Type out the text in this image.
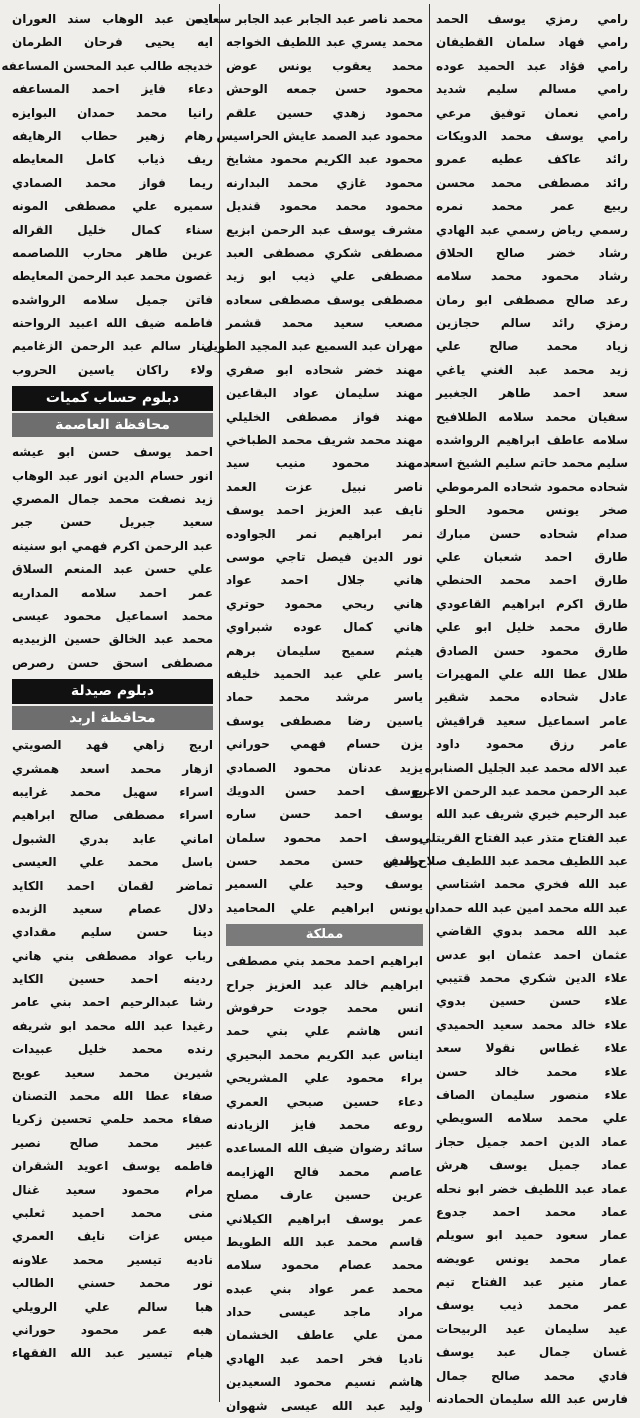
رامي رمزي يوسف الحمد
رامي فهاد سلمان القطيفان
رامي فؤاد عبد الحميد عوده
رامي مسالم سليم شديد
رامي نعمان توفيق مرعي
رامي يوسف محمد الدويكات
رائد عاكف عطيه عمرو
رائد مصطفى محمد محسن
ربيع عمر محمد نمره
رسمي رياض رسمي عبد الهادي
رشاد خضر صالح الحلاق
رشاد محمود محمد سلامه
رعد صالح مصطفى ابو رمان
رمزي رائد سالم حجازين
زياد محمد صالح علي
زيد محمد عبد الغني ياغي
سعد احمد طاهر الجغبير
سفيان محمد سلامه الطلافيح
سلامه عاطف ابراهيم الرواشده
سليم محمد حاتم سليم الشيخ اسعد
شحاده محمود شحاده المرموطي
صخر يونس محمود الحلو
صدام شحاده حسن مبارك
طارق احمد شعبان علي
طارق احمد محمد الحنطي
طارق اكرم ابراهيم القاعودي
طارق محمد خليل ابو علي
طارق محمود حسن الصادق
طلال عطا الله علي المهيرات
عادل شحاده محمد شقير
عامر اسماعيل سعيد قراقيش
عامر رزق محمود داود
عبد الاله محمد عبد الجليل الصنابره
عبد الرحمن محمد عبد الرحمن الاعرج
عبد الرحيم خيري شريف عبد الله
عبد الفتاح متذر عبد الفتاح القريتلي
عبد اللطيف محمد عبد اللطيف صلاح الدين
عبد الله فخري محمد اشتاسي
عبد الله محمد امين عبد الله حمدان
عبد الله محمد بدوي القاضي
عثمان احمد عثمان ابو عدس
علاء الدين شكري محمد قتيبي
علاء حسن حسين بدوي
علاء خالد محمد سعيد الحميدي
علاء غطاس نقولا سعد
علاء محمد خالد حسن
علاء منصور سليمان الصاف
علي محمد سلامه السويطي
عماد الدين احمد جميل حجاز
عماد جميل يوسف هرش
عماد عبد اللطيف خضر ابو نحله
عماد محمد احمد جدوع
عمار سعود حميد ابو سويلم
عمار محمد يونس عويضه
عمار منير عبد الفتاح تيم
عمر محمد ذيب يوسف
عيد سليمان عيد الربيحات
غسان جمال عبد يوسف
فادي محمد صالح جمال
فارس عبد الله سليمان الحمادنه
محمد ناصر عبد الجابر عبد الجابر سعاده
محمد يسري عبد اللطيف الخواجه
محمد يعقوب يونس عوض
محمود حسن جمعه الوحش
محمود زهدي حسين علقم
محمود عبد الصمد عايش الحراسيس
محمود عبد الكريم محمود مشايخ
محمود غازي محمد البدارنه
محمود محمد محمود قنديل
مشرف يوسف عبد الرحمن ابزيع
مصطفى شكري مصطفى العبد
مصطفى علي ذيب ابو زيد
مصطفى يوسف مصطفى سعاده
مصعب سعيد محمد قشمر
مهران عبد السميع عبد المجيد الطويل
مهند خضر شحاده ابو صفري
مهند سليمان عواد البقاعين
مهند فواز مصطفى الخليلي
مهند محمد شريف محمد الطباخي
مهند محمود منيب سيد
ناصر نبيل عزت العمد
نايف عبد العزيز احمد يوسف
نمر ابراهيم نمر الجواوده
نور الدين فيصل تاجي موسى
هاني جلال احمد عواد
هاني ربحي محمود حوتري
هاني كمال عوده شبراوي
هيثم سميح سليمان برهم
ياسر علي عبد الحميد خليفه
ياسر مرشد محمد حماد
ياسين رضا مصطفى يوسف
يزن حسام فهمي حوراني
يزيد عدنان محمود الصمادي
يوسف احمد حسن الدويك
يوسف احمد حسن ساره
يوسف احمد محمود سلمان
يوسف حسن محمد حسن
يوسف وحيد علي السمير
يونس ابراهيم علي المحاميد
مملكة
ابراهيم احمد محمد بني مصطفى
ابراهيم خالد عبد العزيز جراح
انس محمد جودت حرفوش
انس هاشم علي بني حمد
ايناس عبد الكريم محمد البحيري
براء محمود علي المشريحي
دعاء حسين صبحي العمري
روعه محمد فايز الزيادنه
سائد رضوان ضيف الله المساعده
عاصم محمد فالح الهزايمه
عرين حسين عارف مصلح
عمر يوسف ابراهيم الكيلاني
قاسم محمد عبد الله الطويط
محمد عصام محمود سلامه
محمد عمر عواد بني عبده
مراد ماجد عيسى حداد
ممن علي عاطف الخشمان
ناديا فخر احمد عبد الهادي
هاشم نسيم محمود السعيدين
وليد عبد الله عيسى شهوان
ايمن عبد الوهاب سند العوران
ايه يحيى فرحان الطرمان
خديجه طالب عبد المحسن المساعفه
دعاء فايز احمد المساعفه
رانيا محمد حمدان البوايزه
رهام زهير حطاب الرهايفه
ريف ذياب كامل المعايطه
ريما فواز محمد الصمادي
سميره علي مصطفى المونه
سناء كمال خليل القراله
عرين طاهر محارب اللصاصمه
غصون محمد عبد الرحمن المعايطه
فاتن جميل سلامه الرواشده
فاطمه ضيف الله اعبيد الرواحنه
منار سالم عبد الرحمن الزغاميم
ولاء راكان ياسين الحروب
دبلوم حساب كميات
محافظة العاصمة
احمد يوسف حسن ابو عيشه
انور حسام الدين انور عبد الوهاب
زيد نصفت محمد جمال المصري
سعيد جبريل حسن جبر
عبد الرحمن اكرم فهمي ابو سنينه
علي حسن عبد المنعم السلاق
عمر احمد سلامه المداريه
محمد اسماعيل محمود عيسى
محمد عبد الخالق حسين الزبيديه
مصطفى اسحق حسن رصرص
دبلوم صيدلة
محافظة اربد
اريج زاهي فهد الصويتي
ازهار محمد اسعد همشري
اسراء سهيل محمد غرايبه
اسراء مصطفى صالح ابراهيم
اماني عابد بدري الشبول
باسل محمد علي العيسى
تماضر لقمان احمد الكايد
دلال عصام سعيد الزبده
دينا حسن سليم مقدادي
رباب عواد مصطفى بني هاني
ردينه احمد حسين الكايد
رشا عبدالرحيم احمد بني عامر
رغيدا عبد الله محمد ابو شريفه
رنده محمد خليل عبيدات
شيرين محمد سعيد عويج
صفاء عطا الله محمد التصنان
صفاء محمد حلمي تحسين زكريا
عبير محمد صالح نصير
فاطمه يوسف اعويد الشقران
مرام محمود سعيد غنال
منى محمد احميد ثعلبي
ميس عزات نايف العمري
ناديه تيسير محمد علاونه
نور محمد حسني الطالب
هبا سالم علي الرويلي
هبه عمر محمود حوراني
هيام تيسير عبد الله الفقهاء
